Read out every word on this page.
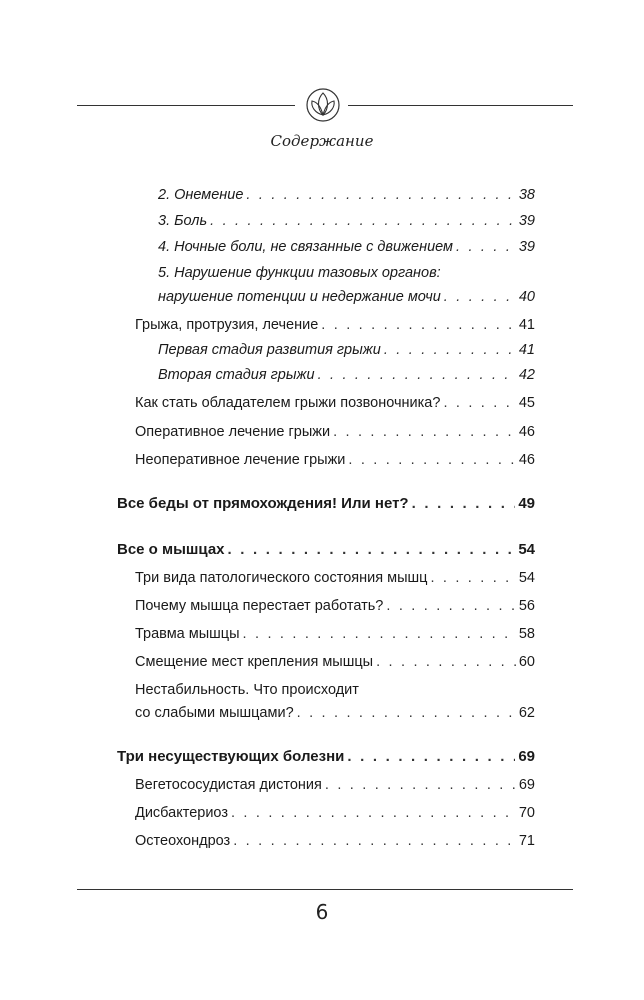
Содержание
2. Онемение . . .	38
3. Боль . . .	39
4. Ночные боли, не связанные с движением . . .	39
5. Нарушение функции тазовых органов:
нарушение потенции и недержание мочи . . .	40
Грыжа, протрузия, лечение . . .	41
Первая стадия развития грыжи . . .	41
Вторая стадия грыжи . . .	42
Как стать обладателем грыжи позвоночника? . . .	45
Оперативное лечение грыжи . . .	46
Неоперативное лечение грыжи . . .	46
Все беды от прямохождения! Или нет? . . .	49
Все о мышцах . . .	54
Три вида патологического состояния мышц . . .	54
Почему мышца перестает работать? . . .	56
Травма мышцы . . .	58
Смещение мест крепления мышцы . . .	60
Нестабильность. Что происходит
со слабыми мышцами? . . .	62
Три несуществующих болезни . . .	69
Вегетососудистая дистония . . .	69
Дисбактериоз . . .	70
Остеохондроз . . .	71
6
